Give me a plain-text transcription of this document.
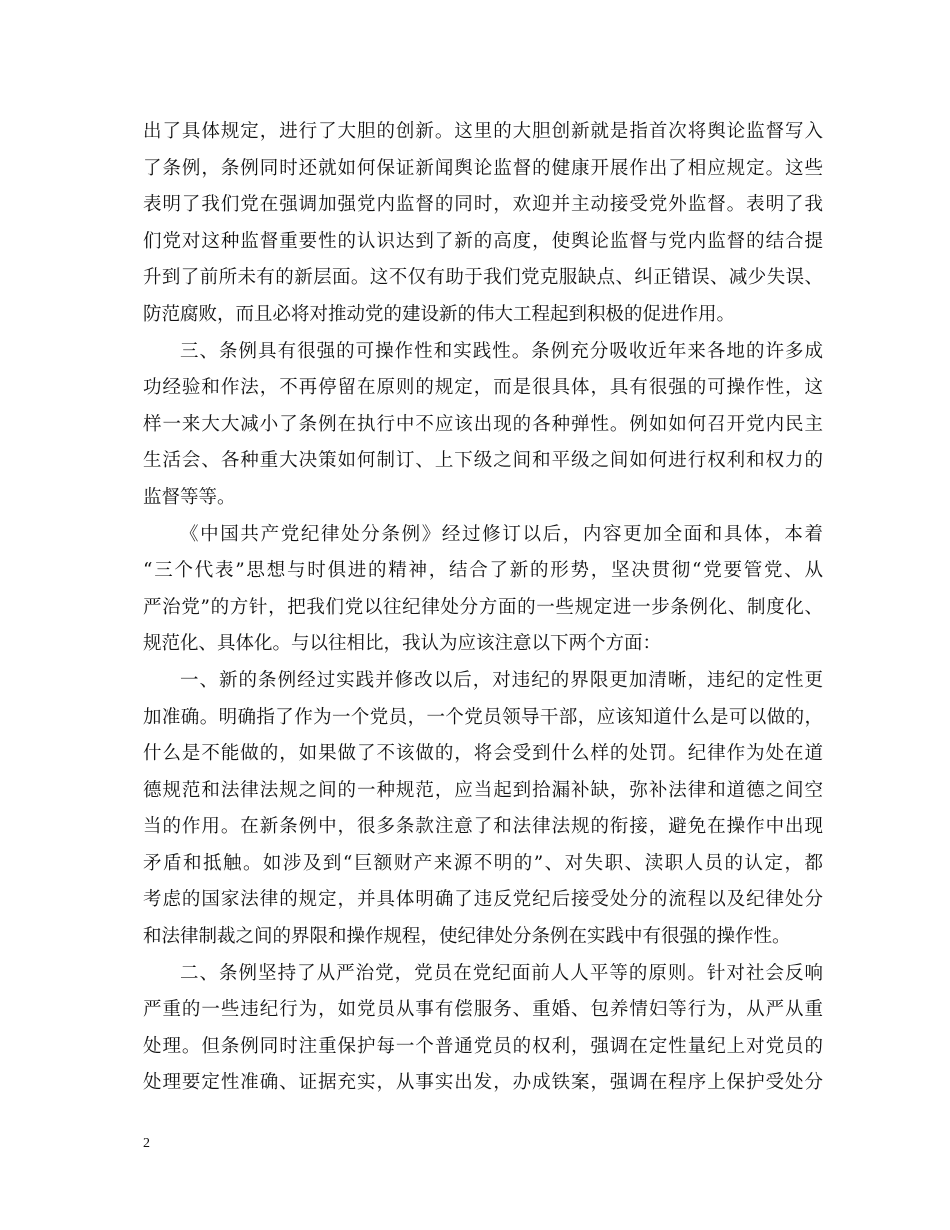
出了具体规定，进行了大胆的创新。这里的大胆创新就是指首次将舆论监督写入
了条例，条例同时还就如何保证新闻舆论监督的健康开展作出了相应规定。这些
表明了我们党在强调加强党内监督的同时，欢迎并主动接受党外监督。表明了我
们党对这种监督重要性的认识达到了新的高度，使舆论监督与党内监督的结合提
升到了前所未有的新层面。这不仅有助于我们党克服缺点、纠正错误、减少失误、
防范腐败，而且必将对推动党的建设新的伟大工程起到积极的促进作用。
三、条例具有很强的可操作性和实践性。条例充分吸收近年来各地的许多成
功经验和作法，不再停留在原则的规定，而是很具体，具有很强的可操作性，这
样一来大大减小了条例在执行中不应该出现的各种弹性。例如如何召开党内民主
生活会、各种重大决策如何制订、上下级之间和平级之间如何进行权利和权力的
监督等等。
《中国共产党纪律处分条例》经过修订以后，内容更加全面和具体，本着
“三个代表”思想与时俱进的精神，结合了新的形势，坚决贯彻“党要管党、从
严治党”的方针，把我们党以往纪律处分方面的一些规定进一步条例化、制度化、
规范化、具体化。与以往相比，我认为应该注意以下两个方面：
一、新的条例经过实践并修改以后，对违纪的界限更加清晰，违纪的定性更
加准确。明确指了作为一个党员，一个党员领导干部，应该知道什么是可以做的，
什么是不能做的，如果做了不该做的，将会受到什么样的处罚。纪律作为处在道
德规范和法律法规之间的一种规范，应当起到拾漏补缺，弥补法律和道德之间空
当的作用。在新条例中，很多条款注意了和法律法规的衔接，避免在操作中出现
矛盾和抵触。如涉及到“巨额财产来源不明的”、对失职、渎职人员的认定，都
考虑的国家法律的规定，并具体明确了违反党纪后接受处分的流程以及纪律处分
和法律制裁之间的界限和操作规程，使纪律处分条例在实践中有很强的操作性。
二、条例坚持了从严治党，党员在党纪面前人人平等的原则。针对社会反响
严重的一些违纪行为，如党员从事有偿服务、重婚、包养情妇等行为，从严从重
处理。但条例同时注重保护每一个普通党员的权利，强调在定性量纪上对党员的
处理要定性准确、证据充实，从事实出发，办成铁案，强调在程序上保护受处分
2
